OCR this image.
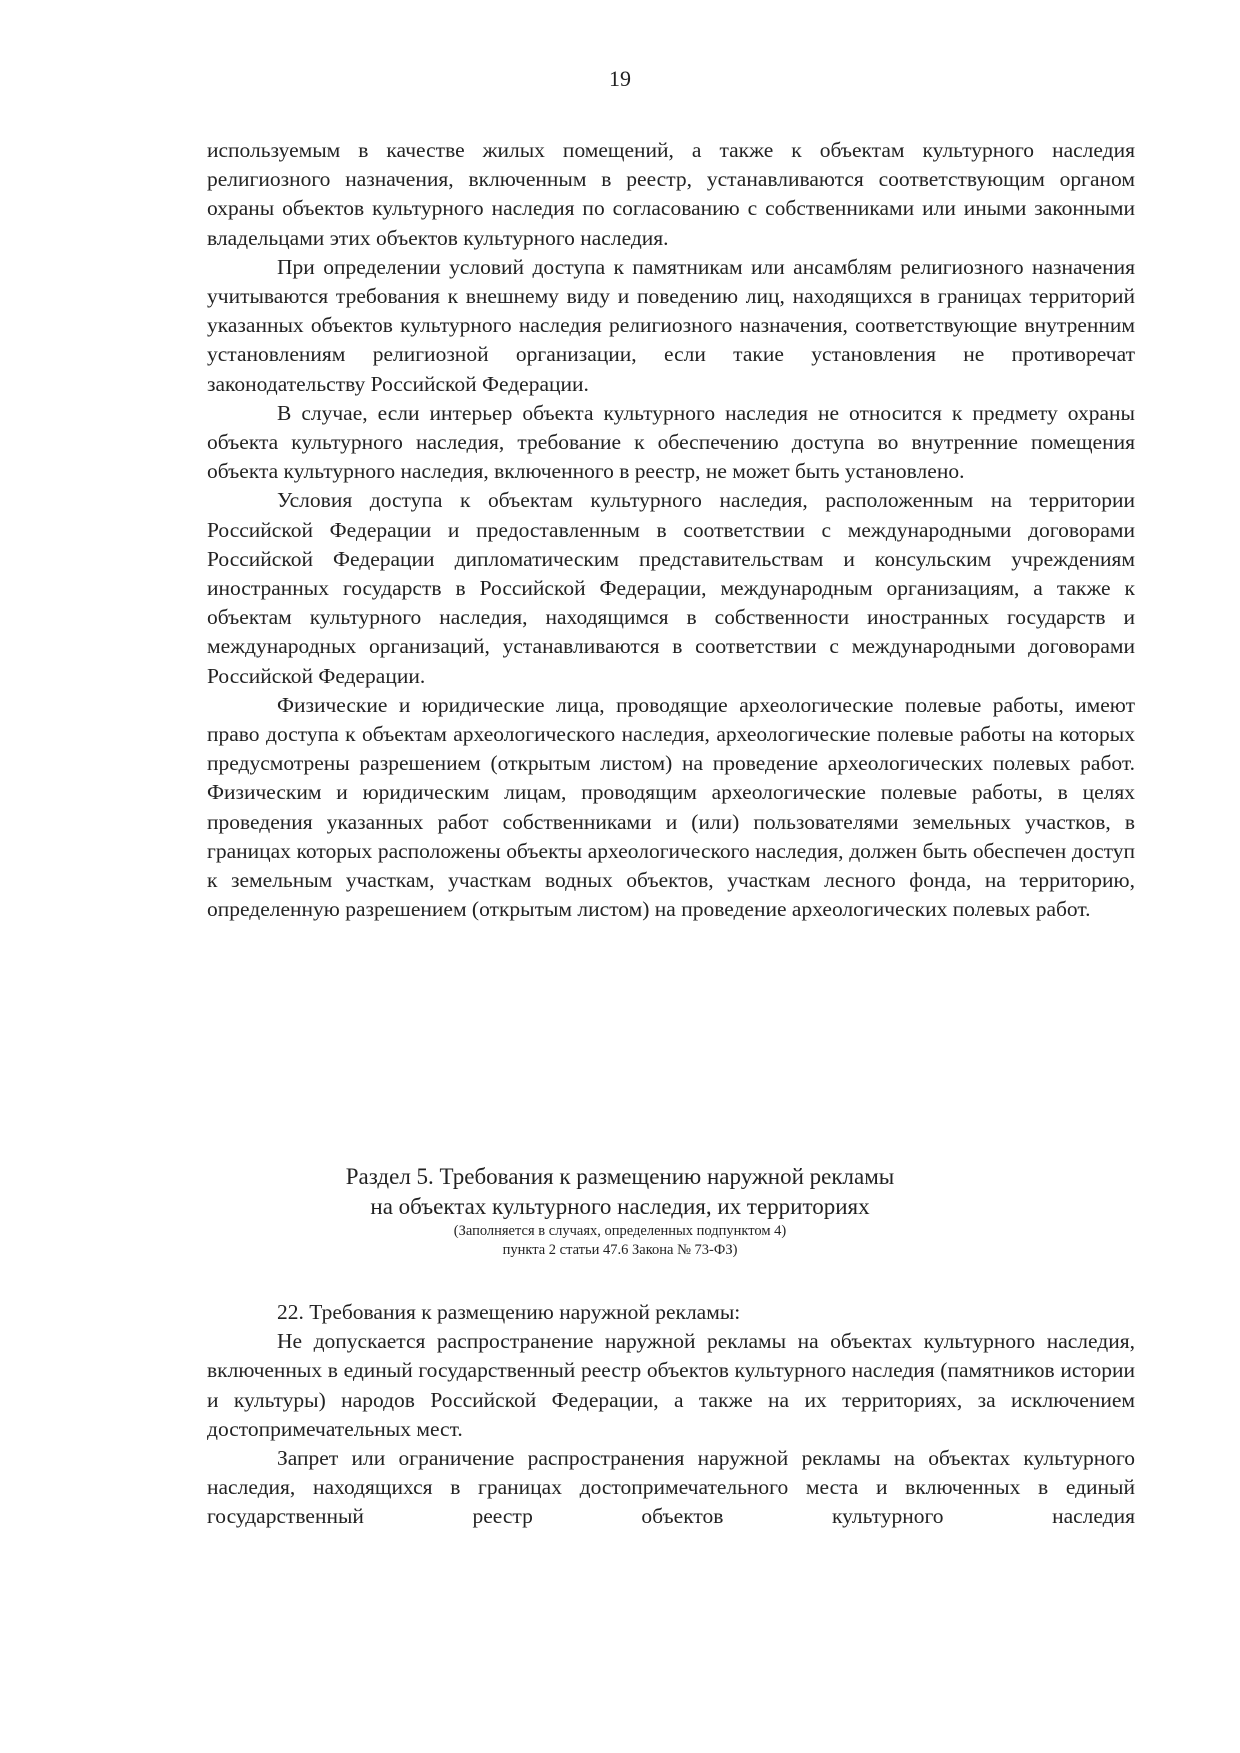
19

используемым в качестве жилых помещений, а также к объектам культурного наследия религиозного назначения, включенным в реестр, устанавливаются соответствующим органом охраны объектов культурного наследия по согласованию с собственниками или иными законными владельцами этих объектов культурного наследия.

При определении условий доступа к памятникам или ансамблям религиозного назначения учитываются требования к внешнему виду и поведению лиц, находящихся в границах территорий указанных объектов культурного наследия религиозного назначения, соответствующие внутренним установлениям религиозной организации, если такие установления не противоречат законодательству Российской Федерации.

В случае, если интерьер объекта культурного наследия не относится к предмету охраны объекта культурного наследия, требование к обеспечению доступа во внутренние помещения объекта культурного наследия, включенного в реестр, не может быть установлено.

Условия доступа к объектам культурного наследия, расположенным на территории Российской Федерации и предоставленным в соответствии с международными договорами Российской Федерации дипломатическим представительствам и консульским учреждениям иностранных государств в Российской Федерации, международным организациям, а также к объектам культурного наследия, находящимся в собственности иностранных государств и международных организаций, устанавливаются в соответствии с международными договорами Российской Федерации.

Физические и юридические лица, проводящие археологические полевые работы, имеют право доступа к объектам археологического наследия, археологические полевые работы на которых предусмотрены разрешением (открытым листом) на проведение археологических полевых работ. Физическим и юридическим лицам, проводящим археологические полевые работы, в целях проведения указанных работ собственниками и (или) пользователями земельных участков, в границах которых расположены объекты археологического наследия, должен быть обеспечен доступ к земельным участкам, участкам водных объектов, участкам лесного фонда, на территорию, определенную разрешением (открытым листом) на проведение археологических полевых работ.

Раздел 5. Требования к размещению наружной рекламы
на объектах культурного наследия, их территориях
(Заполняется в случаях, определенных подпунктом 4)
пункта 2 статьи 47.6 Закона № 73-ФЗ)

22. Требования к размещению наружной рекламы:

Не допускается распространение наружной рекламы на объектах культурного наследия, включенных в единый государственный реестр объектов культурного наследия (памятников истории и культуры) народов Российской Федерации, а также на их территориях, за исключением достопримечательных мест.

Запрет или ограничение распространения наружной рекламы на объектах культурного наследия, находящихся в границах достопримечательного места и включенных в единый государственный реестр объектов культурного наследия
